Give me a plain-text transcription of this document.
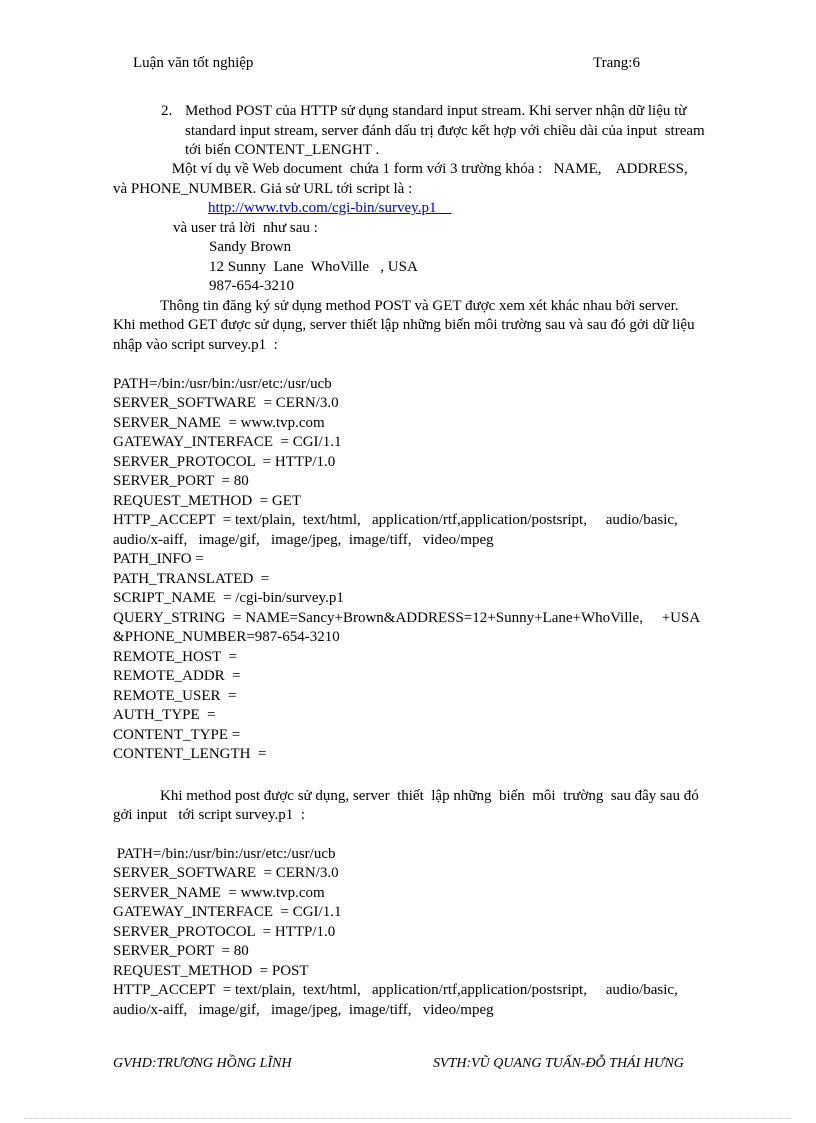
Luận văn tốt nghiệp	Trang:6
2. Method POST của HTTP sử dụng standard input stream. Khi server nhận dữ liệu từ
standard input stream, server đánh dấu trị được kết hợp với chiều dài của input  stream
tới biến CONTENT_LENGHT .
Một ví dụ về Web document  chứa 1 form với 3 trường khóa :   NAME,    ADDRESS,
và PHONE_NUMBER. Giả sử URL tới script là :
http://www.tvb.com/cgi-bin/survey.p1
và user trả lời  như sau :
Sandy Brown
12 Sunny  Lane  WhoVille   , USA
987-654-3210
Thông tin đăng ký sử dụng method POST và GET được xem xét khác nhau bởi server.
Khi method GET được sử dụng, server thiết lập những biến môi trường sau và sau đó gởi dữ liệu
nhập vào script survey.p1  :
PATH=/bin:/usr/bin:/usr/etc:/usr/ucb
SERVER_SOFTWARE  = CERN/3.0
SERVER_NAME  = www.tvp.com
GATEWAY_INTERFACE  = CGI/1.1
SERVER_PROTOCOL  = HTTP/1.0
SERVER_PORT  = 80
REQUEST_METHOD  = GET
HTTP_ACCEPT  = text/plain,  text/html,   application/rtf,application/postsript,     audio/basic,
audio/x-aiff,   image/gif,   image/jpeg,  image/tiff,   video/mpeg
PATH_INFO =
PATH_TRANSLATED  =
SCRIPT_NAME  = /cgi-bin/survey.p1
QUERY_STRING  = NAME=Sancy+Brown&ADDRESS=12+Sunny+Lane+WhoVille,     +USA
&PHONE_NUMBER=987-654-3210
REMOTE_HOST  =
REMOTE_ADDR  =
REMOTE_USER  =
AUTH_TYPE  =
CONTENT_TYPE =
CONTENT_LENGTH  =
Khi method post được sử dụng, server  thiết  lập những  biến  môi  trường  sau đây sau đó
gởi input   tới script survey.p1  :
PATH=/bin:/usr/bin:/usr/etc:/usr/ucb
SERVER_SOFTWARE  = CERN/3.0
SERVER_NAME  = www.tvp.com
GATEWAY_INTERFACE  = CGI/1.1
SERVER_PROTOCOL  = HTTP/1.0
SERVER_PORT  = 80
REQUEST_METHOD  = POST
HTTP_ACCEPT  = text/plain,  text/html,   application/rtf,application/postsript,     audio/basic,
audio/x-aiff,   image/gif,   image/jpeg,  image/tiff,   video/mpeg
GVHD:TRƯƠNG HỒNG LĨNH	SVTH:VŨ QUANG TUẤN-ĐỖ THÁI HƯNG
